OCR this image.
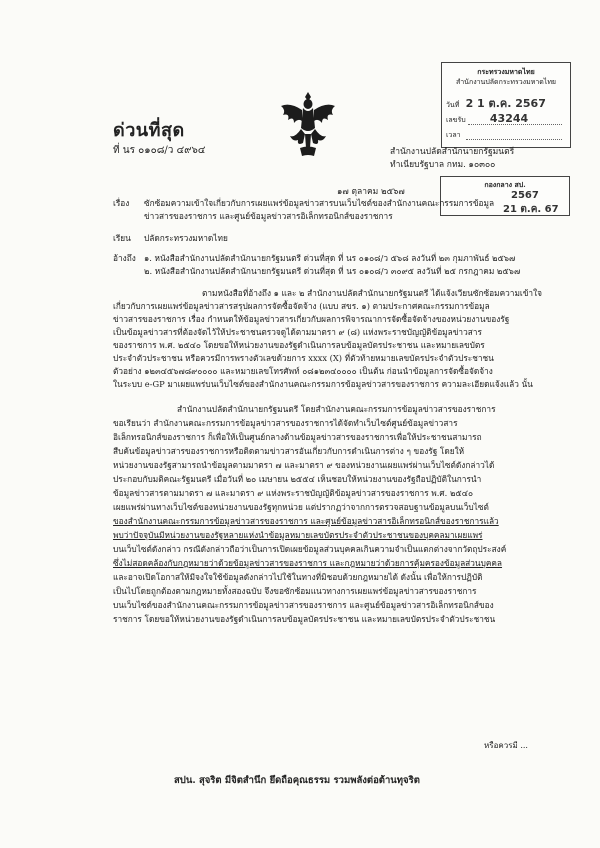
ด่วนที่สุด
ที่ นร ๐๑๐๘/ว ๔๙๖๔
กระทรวงมหาดไทย
สำนักงานปลัดกระทรวงมหาดไทย
วันที่ 2 1 ต.ค. 2567
เลขรับ 43244
เวลา
สำนักงานปลัดสำนักนายกรัฐมนตรี
ทำเนียบรัฐบาล กทม. ๑๐๓๐๐
๑๗ ตุลาคม ๒๕๖๗
กองกลาง สป.
2567
21 ต.ค. 67
เรื่อง ซักซ้อมความเข้าใจเกี่ยวกับการเผยแพร่ข้อมูลข่าวสารบนเว็บไซต์ของสำนักงานคณะกรรมการข้อมูล
ข่าวสารของราชการ และศูนย์ข้อมูลข่าวสารอิเล็กทรอนิกส์ของราชการ
เรียน ปลัดกระทรวงมหาดไทย
อ้างถึง ๑. หนังสือสำนักงานปลัดสำนักนายกรัฐมนตรี ด่วนที่สุด ที่ นร ๐๑๐๘/ว ๕๖๘ ลงวันที่ ๒๓ กุมภาพันธ์ ๒๕๖๗
๒. หนังสือสำนักงานปลัดสำนักนายกรัฐมนตรี ด่วนที่สุด ที่ นร ๐๑๐๘/ว ๓๐๙๕ ลงวันที่ ๒๕ กรกฎาคม ๒๕๖๗
ตามหนังสือที่อ้างถึง ๑ และ ๒ สำนักงานปลัดสำนักนายกรัฐมนตรี ได้แจ้งเวียนซักซ้อมความเข้าใจ
เกี่ยวกับการเผยแพร่ข้อมูลข่าวสารสรุปผลการจัดซื้อจัดจ้าง (แบบ สขร. ๑) ตามประกาศคณะกรรมการข้อมูล
ข่าวสารของราชการ เรื่อง กำหนดให้ข้อมูลข่าวสารเกี่ยวกับผลการพิจารณาการจัดซื้อจัดจ้างของหน่วยงานของรัฐ
เป็นข้อมูลข่าวสารที่ต้องจัดไว้ให้ประชาชนตรวจดูได้ตามมาตรา ๙ (๘) แห่งพระราชบัญญัติข้อมูลข่าวสาร
ของราชการ พ.ศ. ๒๕๔๐ โดยขอให้หน่วยงานของรัฐดำเนินการลบข้อมูลบัตรประชาชน และหมายเลขบัตร
ประจำตัวประชาชน หรือควรมีการพรางตัวเลขด้วยการ xxxx (X) ที่ตัวท้ายหมายเลขบัตรประจำตัวประชาชน
ตัวอย่าง ๑๒๓๔๕๖๗๘๙๐๐๐๐ และหมายเลขโทรศัพท์ ๐๘๑๒๓๔๐๐๐๐ เป็นต้น ก่อนนำข้อมูลการจัดซื้อจัดจ้าง
ในระบบ e-GP มาเผยแพร่บนเว็บไซต์ของสำนักงานคณะกรรมการข้อมูลข่าวสารของราชการ ความละเอียดแจ้งแล้ว นั้น
สำนักงานปลัดสำนักนายกรัฐมนตรี โดยสำนักงานคณะกรรมการข้อมูลข่าวสารของราชการ
ขอเรียนว่า สำนักงานคณะกรรมการข้อมูลข่าวสารของราชการได้จัดทำเว็บไซต์ศูนย์ข้อมูลข่าวสาร
อิเล็กทรอนิกส์ของราชการ ก็เพื่อให้เป็นศูนย์กลางด้านข้อมูลข่าวสารของราชการเพื่อให้ประชาชนสามารถ
สืบค้นข้อมูลข่าวสารของราชการหรือติดตามข่าวสารอันเกี่ยวกับการดำเนินการต่าง ๆ ของรัฐ โดยให้
หน่วยงานของรัฐสามารถนำข้อมูลตามมาตรา ๗ และมาตรา ๙ ของหน่วยงานเผยแพร่ผ่านเว็บไซต์ดังกล่าวได้
ประกอบกับมติคณะรัฐมนตรี เมื่อวันที่ ๒๐ เมษายน ๒๕๕๔ เห็นชอบให้หน่วยงานของรัฐถือปฏิบัติในการนำ
ข้อมูลข่าวสารตามมาตรา ๗ และมาตรา ๙ แห่งพระราชบัญญัติข้อมูลข่าวสารของราชการ พ.ศ. ๒๕๔๐
เผยแพร่ผ่านทางเว็บไซต์ของหน่วยงานของรัฐทุกหน่วย แต่ปรากฏว่าจากการตรวจสอบฐานข้อมูลบนเว็บไซต์
ของสำนักงานคณะกรรมการข้อมูลข่าวสารของราชการ และศูนย์ข้อมูลข่าวสารอิเล็กทรอนิกส์ของราชการแล้ว
พบว่าปัจจุบันมีหน่วยงานของรัฐหลายแห่งนำข้อมูลหมายเลขบัตรประจำตัวประชาชนของบุคคลมาเผยแพร่
บนเว็บไซต์ดังกล่าว กรณีดังกล่าวถือว่าเป็นการเปิดเผยข้อมูลส่วนบุคคลเกินความจำเป็นแตกต่างจากวัตถุประสงค์
ซึ่งไม่สอดคล้องกับกฎหมายว่าด้วยข้อมูลข่าวสารของราชการ และกฎหมายว่าด้วยการคุ้มครองข้อมูลส่วนบุคคล
และอาจเปิดโอกาสให้มีจงใจใช้ข้อมูลดังกล่าวไปใช้ในทางที่มิชอบด้วยกฎหมายได้ ดังนั้น เพื่อให้การปฏิบัติ
เป็นไปโดยถูกต้องตามกฎหมายทั้งสองฉบับ จึงขอซักซ้อมแนวทางการเผยแพร่ข้อมูลข่าวสารของราชการ
บนเว็บไซต์ของสำนักงานคณะกรรมการข้อมูลข่าวสารของราชการ และศูนย์ข้อมูลข่าวสารอิเล็กทรอนิกส์ของ
ราชการ โดยขอให้หน่วยงานของรัฐดำเนินการลบข้อมูลบัตรประชาชน และหมายเลขบัตรประจำตัวประชาชน
หรือควรมี ...
สปน. สุจริต มีจิตสำนึก ยึดถือคุณธรรม รวมพลังต่อต้านทุจริต
